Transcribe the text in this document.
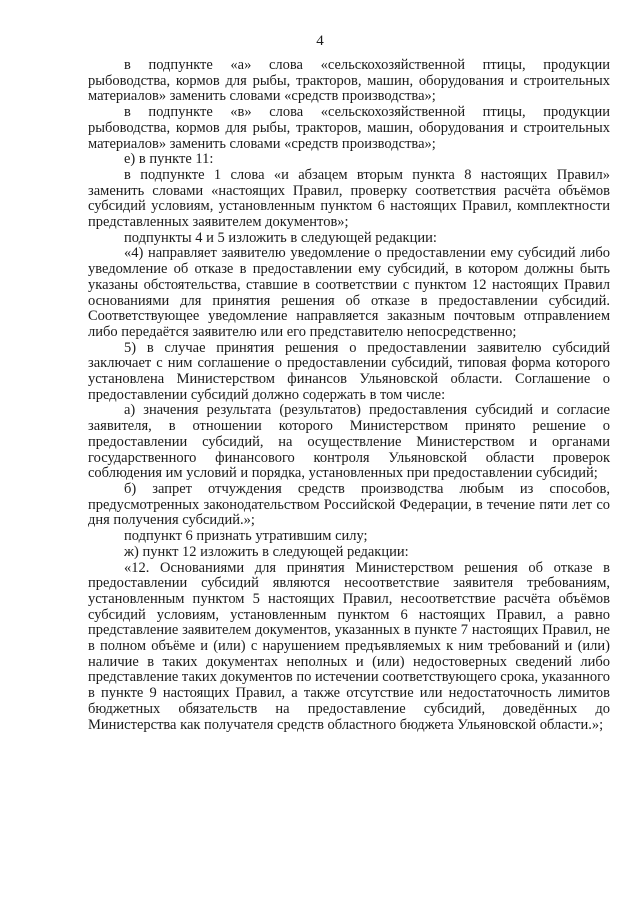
4

в подпункте «а» слова «сельскохозяйственной птицы, продукции рыбоводства, кормов для рыбы, тракторов, машин, оборудования и строительных материалов» заменить словами «средств производства»;

в подпункте «в» слова «сельскохозяйственной птицы, продукции рыбоводства, кормов для рыбы, тракторов, машин, оборудования и строительных материалов» заменить словами «средств производства»;

е) в пункте 11:

в подпункте 1 слова «и абзацем вторым пункта 8 настоящих Правил» заменить словами «настоящих Правил, проверку соответствия расчёта объёмов субсидий условиям, установленным пунктом 6 настоящих Правил, комплектности представленных заявителем документов»;

подпункты 4 и 5 изложить в следующей редакции:

«4) направляет заявителю уведомление о предоставлении ему субсидий либо уведомление об отказе в предоставлении ему субсидий, в котором должны быть указаны обстоятельства, ставшие в соответствии с пунктом 12 настоящих Правил основаниями для принятия решения об отказе в предоставлении субсидий. Соответствующее уведомление направляется заказным почтовым отправлением либо передаётся заявителю или его представителю непосредственно;

5) в случае принятия решения о предоставлении заявителю субсидий заключает с ним соглашение о предоставлении субсидий, типовая форма которого установлена Министерством финансов Ульяновской области. Соглашение о предоставлении субсидий должно содержать в том числе:

а) значения результата (результатов) предоставления субсидий и согласие заявителя, в отношении которого Министерством принято решение о предоставлении субсидий, на осуществление Министерством и органами государственного финансового контроля Ульяновской области проверок соблюдения им условий и порядка, установленных при предоставлении субсидий;

б) запрет отчуждения средств производства любым из способов, предусмотренных законодательством Российской Федерации, в течение пяти лет со дня получения субсидий.»;

подпункт 6 признать утратившим силу;

ж) пункт 12 изложить в следующей редакции:

«12. Основаниями для принятия Министерством решения об отказе в предоставлении субсидий являются несоответствие заявителя требованиям, установленным пунктом 5 настоящих Правил, несоответствие расчёта объёмов субсидий условиям, установленным пунктом 6 настоящих Правил, а равно представление заявителем документов, указанных в пункте 7 настоящих Правил, не в полном объёме и (или) с нарушением предъявляемых к ним требований и (или) наличие в таких документах неполных и (или) недостоверных сведений либо представление таких документов по истечении соответствующего срока, указанного в пункте 9 настоящих Правил, а также отсутствие или недостаточность лимитов бюджетных обязательств на предоставление субсидий, доведённых до Министерства как получателя средств областного бюджета Ульяновской области.»;
